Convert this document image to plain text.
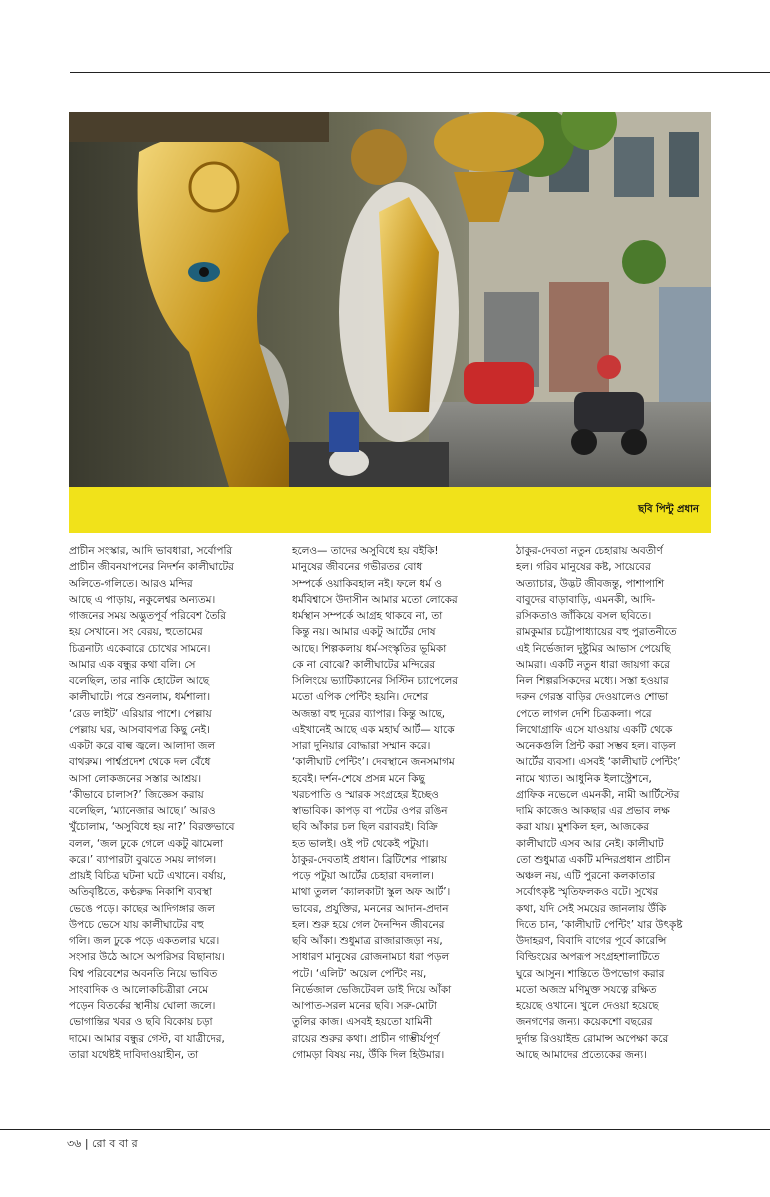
ছবি পিন্টু প্রধান
প্রাচীন সংস্কার, আদি ভাবধারা, সর্বোপরি
প্রাচীন জীবনযাপনের নিদর্শন কালীঘাটের
অলিতে-গলিতে। আরও মন্দির
আছে এ পাড়ায়, নকুলেশ্বর অন্যতম।
গাজনের সময় অদ্ভুতপূর্ব পরিবেশ তৈরি
হয় সেখানে। সং বেরয়, হুতোমের
চিত্রনাট্য একেবারে চোখের সামনে।
আমার এক বন্ধুর কথা বলি। সে
বলেছিল, তার নাকি হোটেল আছে
কালীঘাটে। পরে শুনলাম, ধর্মশালা।
‘রেড লাইট’ এরিয়ার পাশে। পেল্লায়
পেল্লায় ঘর, আসবাবপত্র কিছু নেই।
একটা করে বাল্ব জ্বলে। আলাদা জল
বাথরুম। পার্শ্বপ্রদেশ থেকে দল বেঁধে
আসা লোকজনের সস্তার আশ্রয়।
‘কীভাবে চালাস?’ জিজ্ঞেস করায়
বলেছিল, ‘ম্যানেজার আছে।’ আরও
খুঁচোলাম, ‘অসুবিধে হয় না?’ বিরক্তভাবে
বলল, ‘জল ঢুকে গেলে একটু ঝামেলা
করে।’ ব্যাপারটা বুঝতে সময় লাগল।
প্রায়ই বিচিত্র ঘটনা ঘটে এখানে। বর্ষায়,
অতিবৃষ্টিতে, কণ্ঠরুদ্ধ নিকাশি ব্যবস্থা
ভেঙে পড়ে। কাছের আদিগঙ্গার জল
উপচে ভেসে যায় কালীঘাটের বহু
গলি। জল ঢুকে পড়ে একতলার ঘরে।
সংসার উঠে আসে অপরিসর বিছানায়।
বিশ্ব পরিবেশের অবনতি নিয়ে ভাবিত
সাংবাদিক ও আলোকচিত্রীরা নেমে
পড়েন বিতর্কের স্থানীয় ঘোলা জলে।
ভোগান্তির খবর ও ছবি বিকোয় চড়া
দামে। আমার বন্ধুর গেস্ট, বা যাত্রীদের,
তারা যথেষ্টই দাবিদাওয়াহীন, তা
হলেও— তাদের অসুবিধে হয় বইকি!
মানুষের জীবনের গভীরতর বোধ
সম্পর্কে ওয়াকিবহাল নই। ফলে ধর্ম ও
ধর্মবিশ্বাসে উদাসীন আমার মতো লোকের
ধর্মস্থান সম্পর্কে আগ্রহ থাকবে না, তা
কিন্তু নয়। আমার একটু আর্টের দোষ
আছে। শিল্পকলায় ধর্ম-সংস্কৃতির ভূমিকা
কে না বোঝে? কালীঘাটের মন্দিরের
সিলিংয়ে ভ্যাটিক্যানের সিস্টিন চ্যাপেলের
মতো এপিক পেন্টিং হয়নি। দেশের
অজন্তা বহু দূরের ব্যাপার। কিন্তু আছে,
এইখানেই আছে এক মহার্ঘ আর্ট— যাকে
সারা দুনিয়ার বোদ্ধারা সম্মান করে।
‘কালীঘাট পেন্টিং’। দেবস্থানে জনসমাগম
হবেই। দর্শন-শেষে প্রসন্ন মনে কিছু
খরচপাতি ও স্মারক সংগ্রহের ইচ্ছেও
স্বাভাবিক। কাপড় বা পটের ওপর রঙিন
ছবি আঁকার চল ছিল বরাবরই। বিক্রি
হত ভালই। ওই পট থেকেই পটুয়া।
ঠাকুর-দেবতাই প্রধান। ব্রিটিশের পাল্লায়
পড়ে পটুয়া আর্টের চেহারা বদলাল।
মাথা তুলল ‘ক্যালকাটা স্কুল অফ আর্ট’।
ভাবের, প্রযুক্তির, মননের আদান-প্রদান
হল। শুরু হয়ে গেল দৈনন্দিন জীবনের
ছবি আঁকা। শুধুমাত্র রাজারাজড়া নয়,
সাধারণ মানুষের রোজনামচা ধরা পড়ল
পটে। ‘এলিট’ অয়েল পেন্টিং নয়,
নির্ভেজাল ভেজিটেবল ডাই দিয়ে আঁকা
আপাত-সরল মনের ছবি। সরু-মোটা
তুলির কাজ। এসবই হয়তো যামিনী
রায়ের শুরুর কথা। প্রাচীন গাম্ভীর্যপূর্ণ
গোমড়া বিষয় নয়, উঁকি দিল হিউমার।
ঠাকুর-দেবতা নতুন চেহারায় অবতীর্ণ
হল। গরিব মানুষের কষ্ট, সায়েবের
অত্যাচার, উদ্ভট জীবজন্তু, পাশাপাশি
বাবুদের বাড়াবাড়ি, এমনকী, আদি-
রসিকতাও জাঁকিয়ে বসল ছবিতে।
রামকুমার চট্টোপাধ্যায়ের বহু পুরাতনীতে
এই নির্ভেজাল দুষ্টুমির আভাস পেয়েছি
আমরা। একটি নতুন ধারা জায়গা করে
নিল শিল্পরসিকদের মধ্যে। সস্তা হওয়ার
দরুন গেরস্ত বাড়ির দেওয়ালেও শোভা
পেতে লাগল দেশি চিত্রকলা। পরে
লিথোগ্রাফি এসে যাওয়ায় একটি থেকে
অনেকগুলি প্রিন্ট করা সম্ভব হল। বাড়ল
আর্টের ব্যবসা। এসবই ‘কালীঘাট পেন্টিং’
নামে খ্যাত। আধুনিক ইলাস্ট্রেশনে,
গ্রাফিক নভেলে এমনকী, নামী আর্টিস্টের
দামি কাজেও আকছার এর প্রভাব লক্ষ
করা যায়। মুশকিল হল, আজকের
কালীঘাটে এসব আর নেই। কালীঘাট
তো শুধুমাত্র একটি মন্দিরপ্রধান প্রাচীন
অঞ্চল নয়, এটি পুরনো কলকাতার
সর্বোৎকৃষ্ট স্মৃতিফলকও বটে। সুখের
কথা, যদি সেই সময়ের জানলায় উঁকি
দিতে চান, ‘কালীঘাট পেন্টিং’ যার উৎকৃষ্ট
উদাহরণ, বিবাদি বাগের পূর্বে কারেন্সি
বিল্ডিংয়ের অপরূপ সংগ্রহশালাটিতে
ঘুরে আসুন। শান্তিতে উপভোগ করার
মতো অজস্র মণিমুক্ত সযত্নে রক্ষিত
হয়েছে ওখানে। খুলে দেওয়া হয়েছে
জনগণের জন্য। কয়েকশো বছরের
দুর্দান্ত রিওয়াইন্ড রোমান্স অপেক্ষা করে
আছে আমাদের প্রত্যেকের জন্য।
৩৬ | রো ব বা র
